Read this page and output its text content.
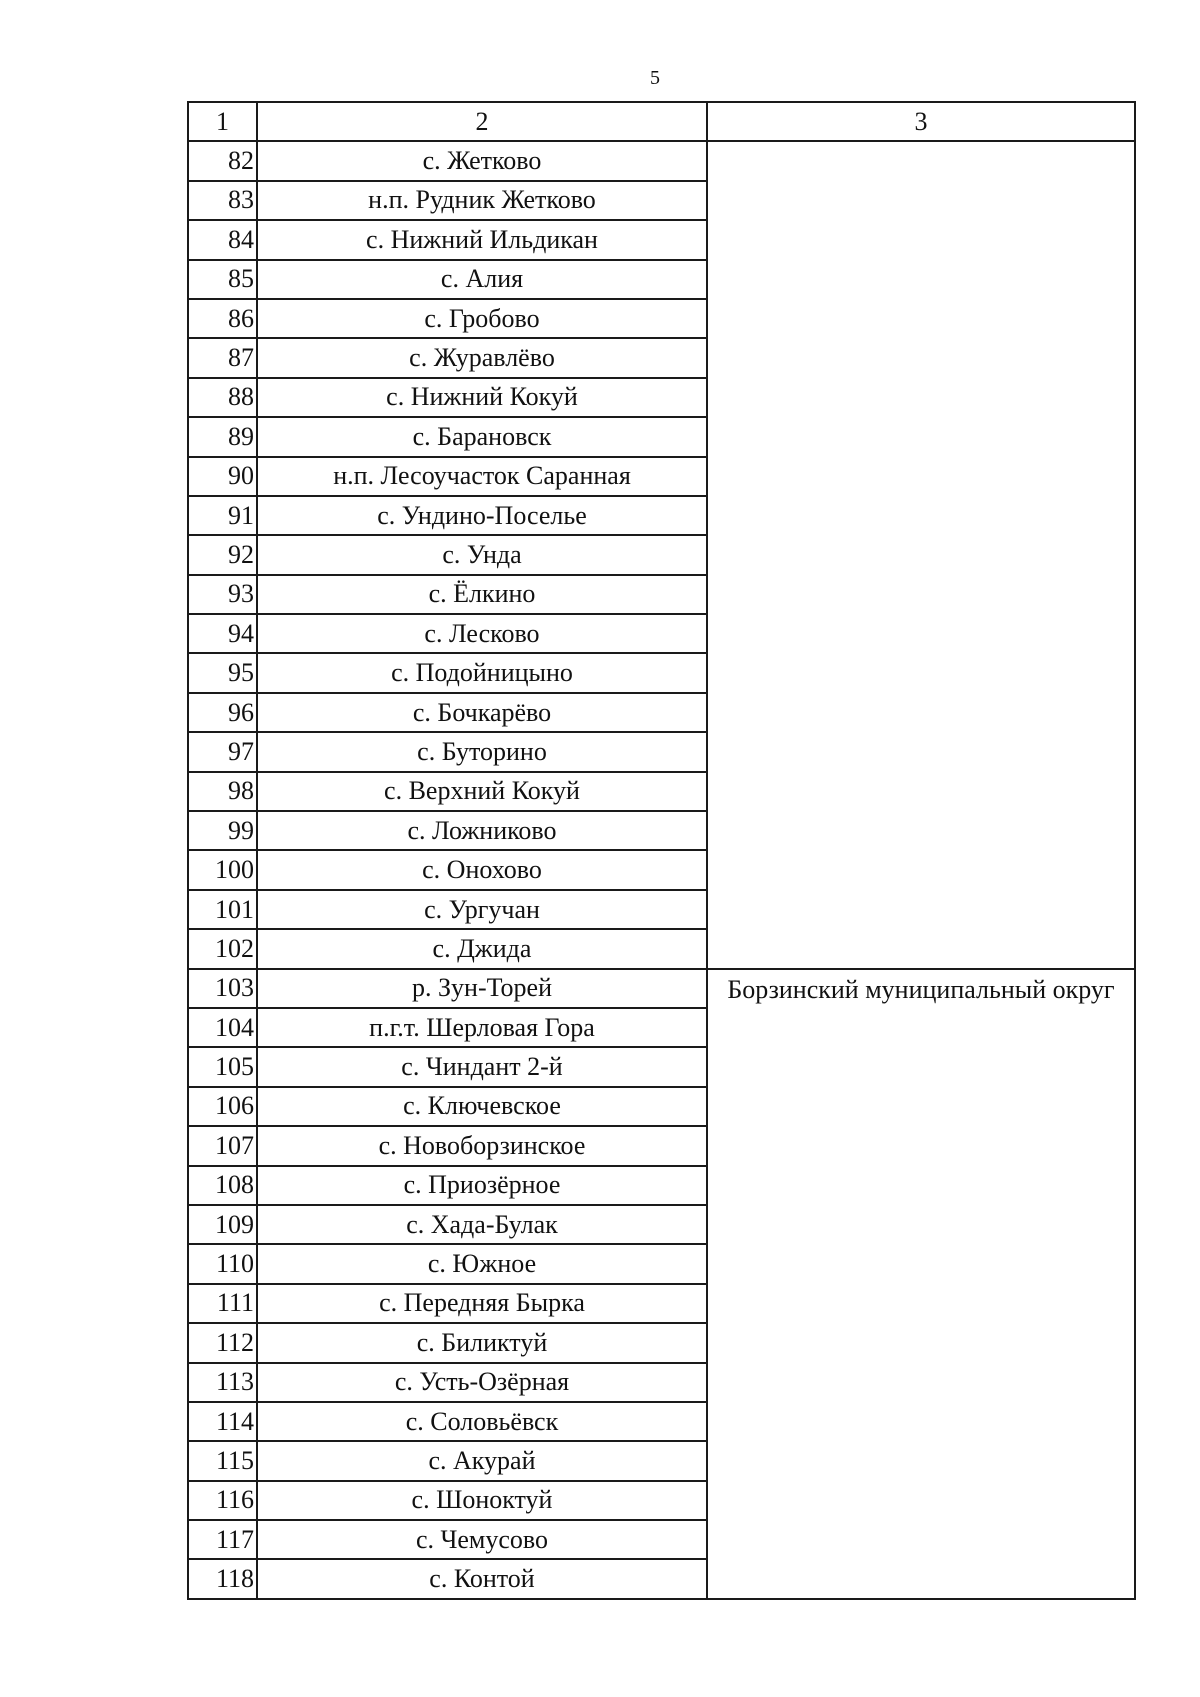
5
1	2	3
82	с. Жетково	
83	н.п. Рудник Жетково	
84	с. Нижний Ильдикан	
85	с. Алия	
86	с. Гробово	
87	с. Журавлёво	
88	с. Нижний Кокуй	
89	с. Барановск	
90	н.п. Лесоучасток Саранная	
91	с. Ундино-Поселье	
92	с. Унда	
93	с. Ёлкино	
94	с. Лесково	
95	с. Подойницыно	
96	с. Бочкарёво	
97	с. Буторино	
98	с. Верхний Кокуй	
99	с. Ложниково	
100	с. Онохово	
101	с. Ургучан	
102	с. Джида	
103	р. Зун-Торей	Борзинский муниципальный округ
104	п.г.т. Шерловая Гора	
105	с. Чиндант 2-й	
106	с. Ключевское	
107	с. Новоборзинское	
108	с. Приозёрное	
109	с. Хада-Булак	
110	с. Южное	
111	с. Передняя Бырка	
112	с. Биликтуй	
113	с. Усть-Озёрная	
114	с. Соловьёвск	
115	с. Акурай	
116	с. Шоноктуй	
117	с. Чемусово	
118	с. Контой	
